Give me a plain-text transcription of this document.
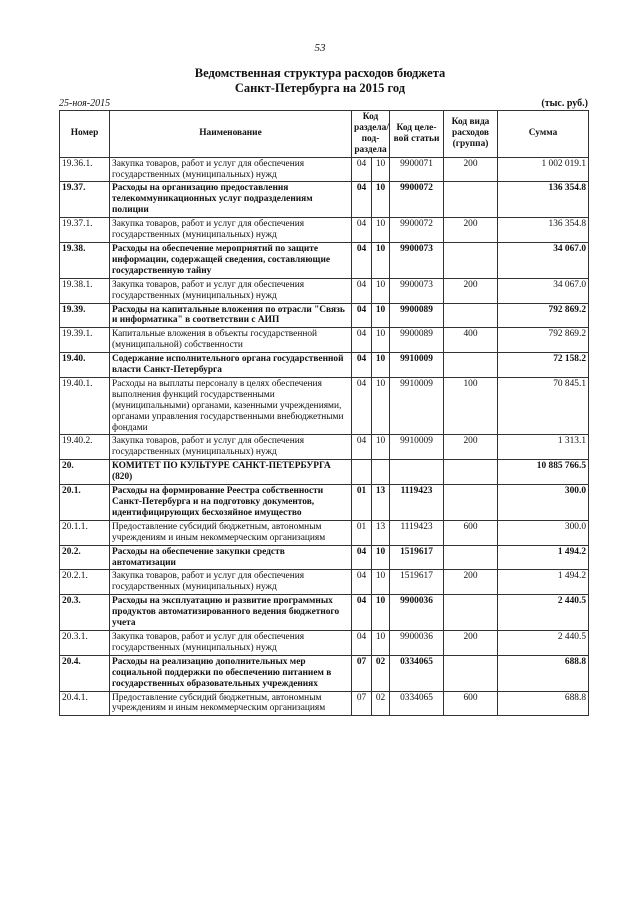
53
Ведомственная структура расходов бюджета
Санкт-Петербурга на 2015 год
25-ноя-2015	(тыс. руб.)
Номер	Наименование	Код раздела/ под-раздела		Код целе-вой статьи	Код вида расходов (группа)	Сумма
19.36.1.	Закупка товаров, работ и услуг для обеспечения государственных (муниципальных) нужд	04	10	9900071	200	1 002 019.1
19.37.	Расходы на организацию предоставления телекоммуникационных услуг подразделениям полиции	04	10	9900072		136 354.8
19.37.1.	Закупка товаров, работ и услуг для обеспечения государственных (муниципальных) нужд	04	10	9900072	200	136 354.8
19.38.	Расходы на обеспечение мероприятий по защите информации, содержащей сведения, составляющие государственную тайну	04	10	9900073		34 067.0
19.38.1.	Закупка товаров, работ и услуг для обеспечения государственных (муниципальных) нужд	04	10	9900073	200	34 067.0
19.39.	Расходы на капитальные вложения по отрасли "Связь и информатика" в соответствии с АИП	04	10	9900089		792 869.2
19.39.1.	Капитальные вложения в объекты государственной (муниципальной) собственности	04	10	9900089	400	792 869.2
19.40.	Содержание исполнительного органа государственной власти Санкт-Петербурга	04	10	9910009		72 158.2
19.40.1.	Расходы на выплаты персоналу в целях обеспечения выполнения функций государственными (муниципальными) органами, казенными учреждениями, органами управления государственными внебюджетными фондами	04	10	9910009	100	70 845.1
19.40.2.	Закупка товаров, работ и услуг для обеспечения государственных (муниципальных) нужд	04	10	9910009	200	1 313.1
20.	КОМИТЕТ ПО КУЛЬТУРЕ САНКТ-ПЕТЕРБУРГА (820)					10 885 766.5
20.1.	Расходы на формирование Реестра собственности Санкт-Петербурга и на подготовку документов, идентифицирующих бесхозяйное имущество	01	13	1119423		300.0
20.1.1.	Предоставление субсидий бюджетным, автономным учреждениям и иным некоммерческим организациям	01	13	1119423	600	300.0
20.2.	Расходы на обеспечение закупки средств автоматизации	04	10	1519617		1 494.2
20.2.1.	Закупка товаров, работ и услуг для обеспечения государственных (муниципальных) нужд	04	10	1519617	200	1 494.2
20.3.	Расходы на эксплуатацию и развитие программных продуктов автоматизированного ведения бюджетного учета	04	10	9900036		2 440.5
20.3.1.	Закупка товаров, работ и услуг для обеспечения государственных (муниципальных) нужд	04	10	9900036	200	2 440.5
20.4.	Расходы на реализацию дополнительных мер социальной поддержки по обеспечению питанием в государственных образовательных учреждениях	07	02	0334065		688.8
20.4.1.	Предоставление субсидий бюджетным, автономным учреждениям и иным некоммерческим организациям	07	02	0334065	600	688.8
